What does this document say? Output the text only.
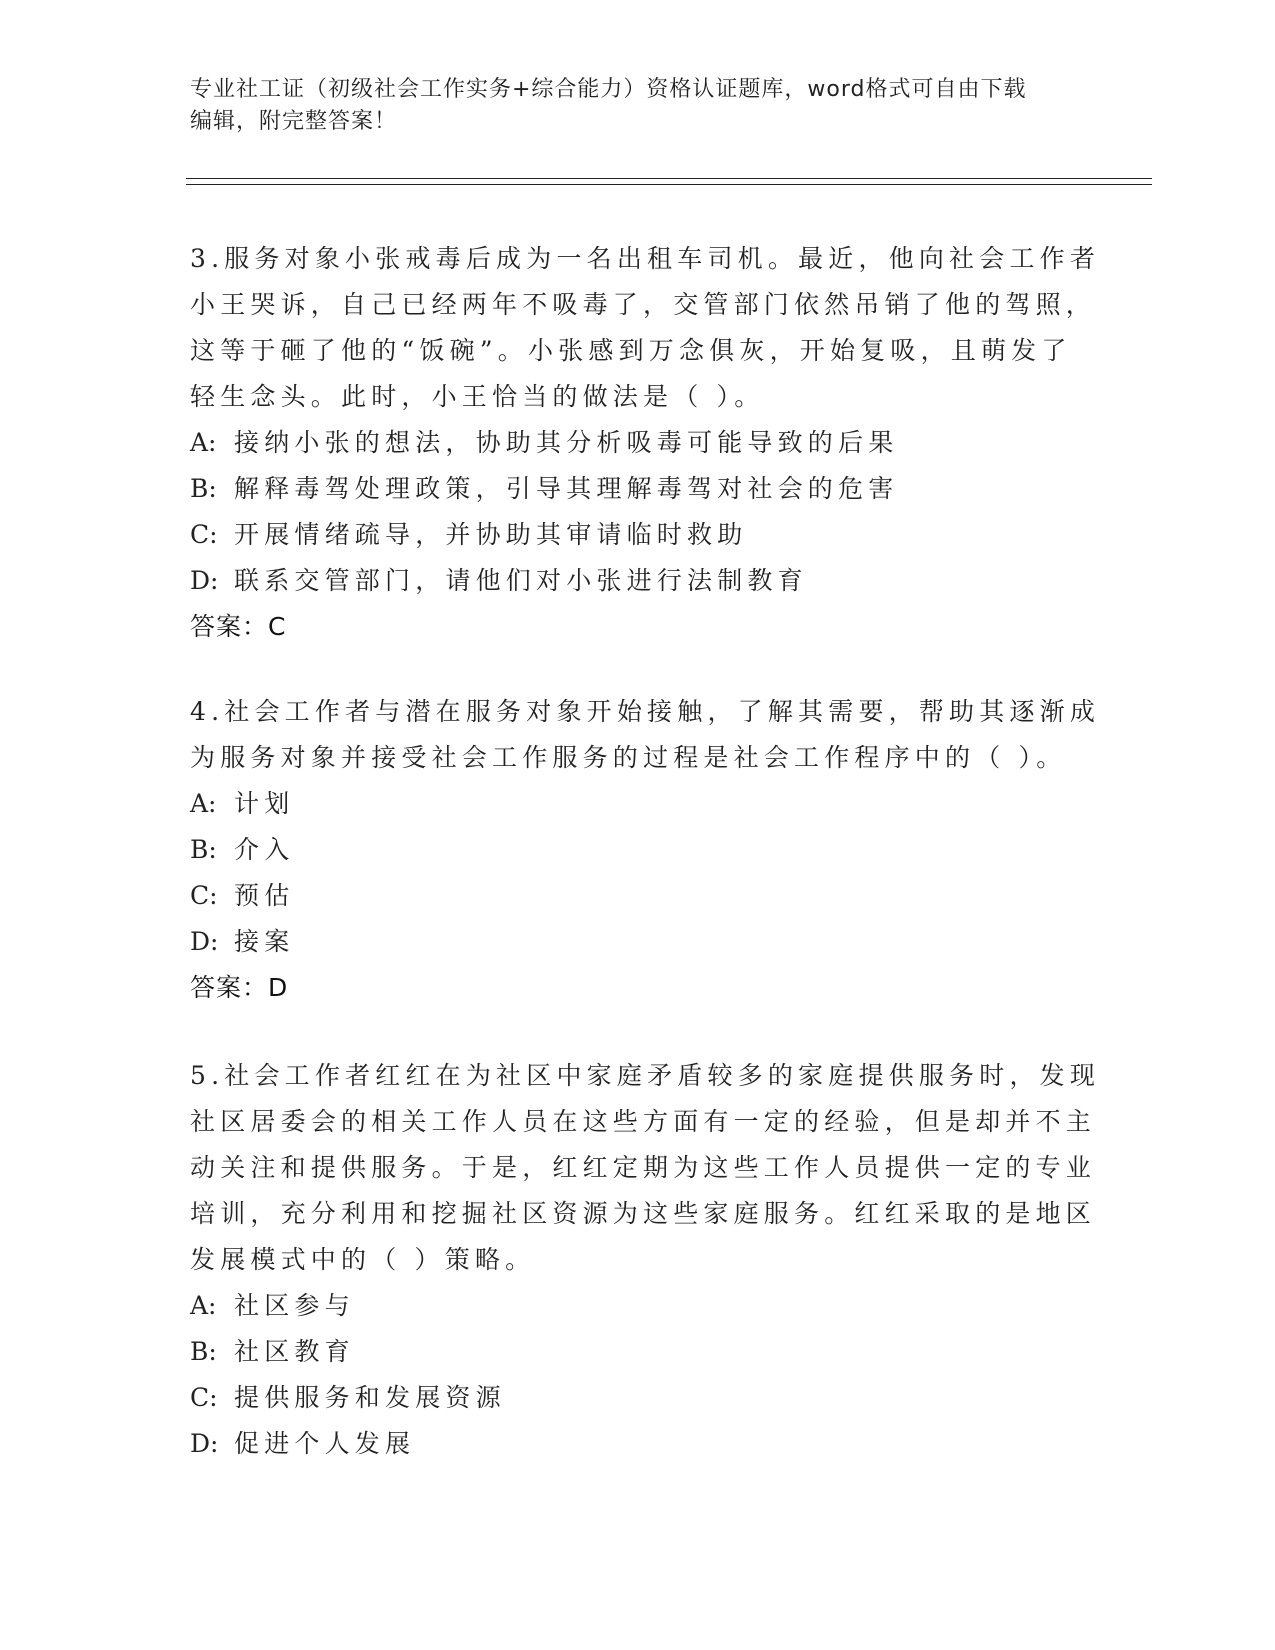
专业社工证（初级社会工作实务+综合能力）资格认证题库，word格式可自由下载
编辑，附完整答案！
3.服务对象小张戒毒后成为一名出租车司机。最近，他向社会工作者
小王哭诉，自己已经两年不吸毒了，交管部门依然吊销了他的驾照，
这等于砸了他的“饭碗”。小张感到万念俱灰，开始复吸，且萌发了
轻生念头。此时，小王恰当的做法是（ ）。
A: 接纳小张的想法，协助其分析吸毒可能导致的后果
B: 解释毒驾处理政策，引导其理解毒驾对社会的危害
C: 开展情绪疏导，并协助其审请临时救助
D: 联系交管部门，请他们对小张进行法制教育
答案：C
4.社会工作者与潜在服务对象开始接触，了解其需要，帮助其逐渐成
为服务对象并接受社会工作服务的过程是社会工作程序中的（ ）。
A: 计划
B: 介入
C: 预估
D: 接案
答案：D
5.社会工作者红红在为社区中家庭矛盾较多的家庭提供服务时，发现
社区居委会的相关工作人员在这些方面有一定的经验，但是却并不主
动关注和提供服务。于是，红红定期为这些工作人员提供一定的专业
培训，充分利用和挖掘社区资源为这些家庭服务。红红采取的是地区
发展模式中的（ ）策略。
A: 社区参与
B: 社区教育
C: 提供服务和发展资源
D: 促进个人发展
